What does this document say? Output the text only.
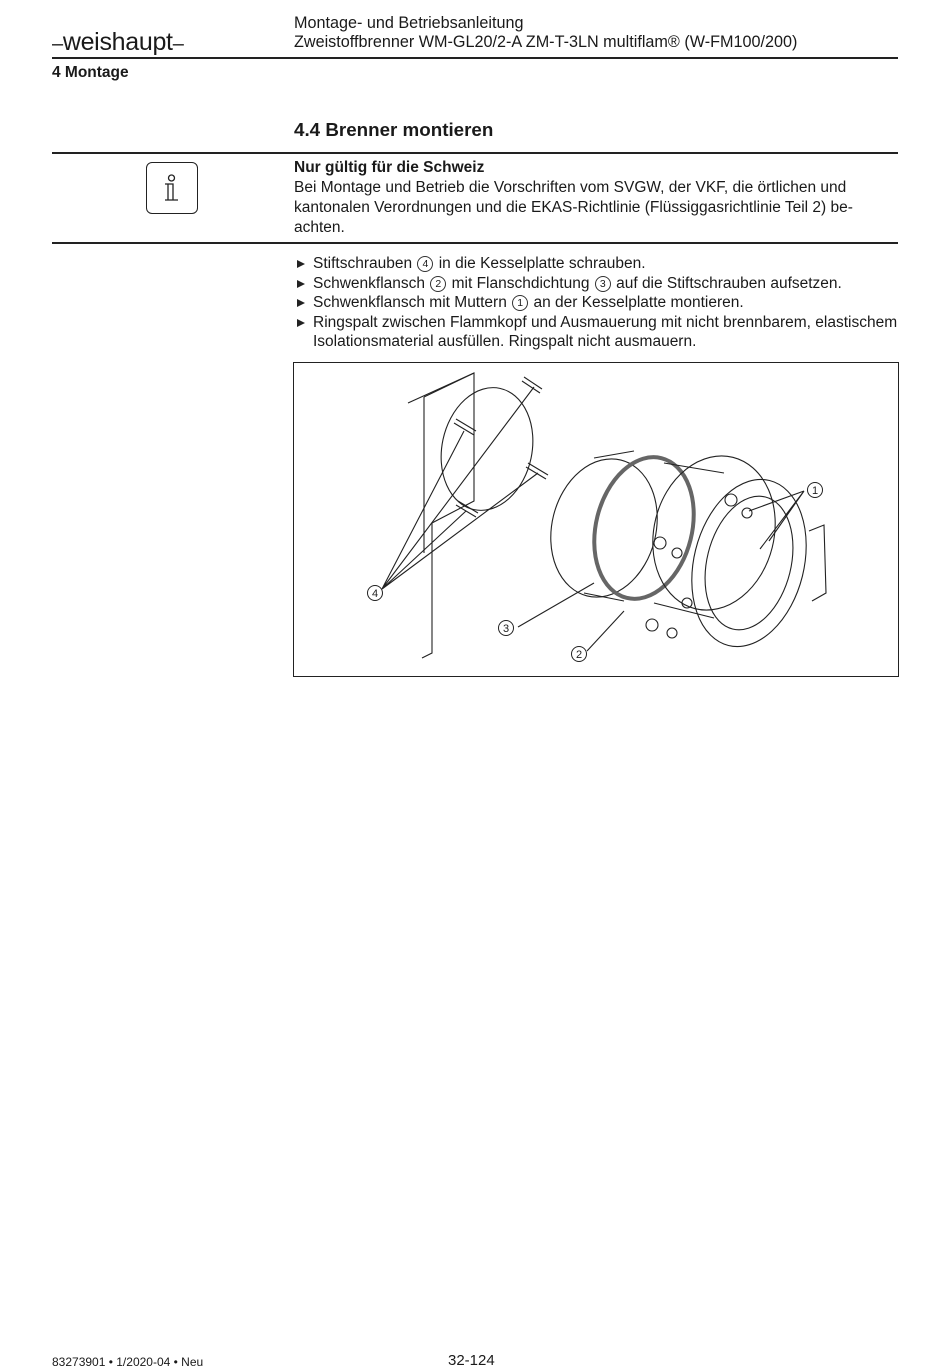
–weishaupt–
Montage- und Betriebsanleitung
Zweistoffbrenner WM-GL20/2-A ZM-T-3LN multiflam® (W-FM100/200)
4 Montage
4.4 Brenner montieren
Nur gültig für die Schweiz
Bei Montage und Betrieb die Vorschriften vom SVGW, der VKF, die örtlichen und kantonalen Verordnungen und die EKAS-Richtlinie (Flüssiggasrichtlinie Teil 2) beachten.
Stiftschrauben 4 in die Kesselplatte schrauben.
Schwenkflansch 2 mit Flanschdichtung 3 auf die Stiftschrauben aufsetzen.
Schwenkflansch mit Muttern 1 an der Kesselplatte montieren.
Ringspalt zwischen Flammkopf und Ausmauerung mit nicht brennbarem, elastischem Isolationsmaterial ausfüllen. Ringspalt nicht ausmauern.
1
2
3
4
83273901 • 1/2020-04 • Neu	32-124
